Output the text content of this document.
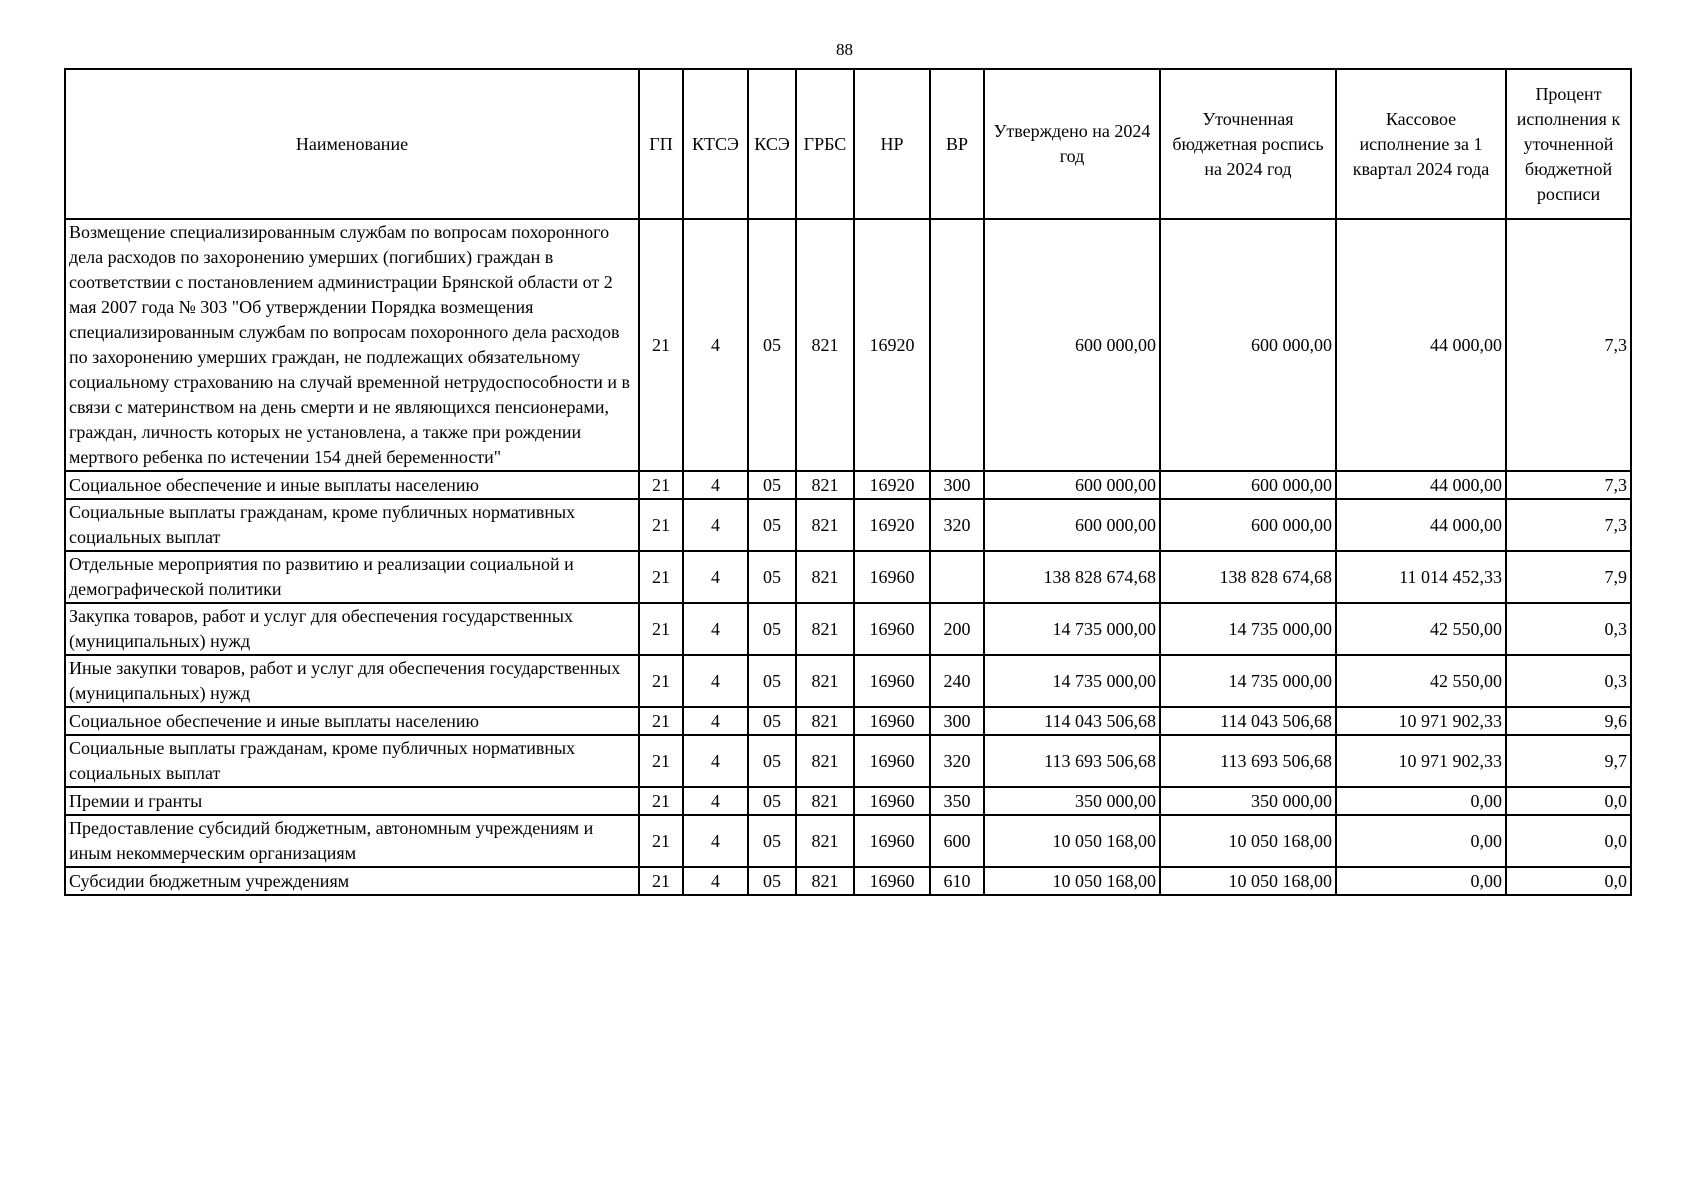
88
Наименование	ГП	КТСЭ	КСЭ	ГРБС	НР	ВР	Утверждено на 2024 год	Уточненная бюджетная роспись на 2024 год	Кассовое исполнение за 1 квартал 2024 года	Процент исполнения к уточненной бюджетной росписи
Возмещение специализированным службам по вопросам похоронного дела расходов по захоронению умерших (погибших) граждан в соответствии с постановлением администрации Брянской области от 2 мая 2007 года № 303 "Об утверждении Порядка возмещения специализированным службам по вопросам похоронного дела расходов по захоронению умерших граждан, не подлежащих обязательному социальному страхованию на случай временной нетрудоспособности и в связи с материнством на день смерти и не являющихся пенсионерами, граждан, личность которых не установлена, а также при рождении мертвого ребенка по истечении 154 дней беременности"	21	4	05	821	16920		600 000,00	600 000,00	44 000,00	7,3
Социальное обеспечение и иные выплаты населению	21	4	05	821	16920	300	600 000,00	600 000,00	44 000,00	7,3
Социальные выплаты гражданам, кроме публичных нормативных социальных выплат	21	4	05	821	16920	320	600 000,00	600 000,00	44 000,00	7,3
Отдельные мероприятия по развитию и реализации социальной и демографической политики	21	4	05	821	16960		138 828 674,68	138 828 674,68	11 014 452,33	7,9
Закупка товаров, работ и услуг для обеспечения государственных (муниципальных) нужд	21	4	05	821	16960	200	14 735 000,00	14 735 000,00	42 550,00	0,3
Иные закупки товаров, работ и услуг для обеспечения государственных (муниципальных) нужд	21	4	05	821	16960	240	14 735 000,00	14 735 000,00	42 550,00	0,3
Социальное обеспечение и иные выплаты населению	21	4	05	821	16960	300	114 043 506,68	114 043 506,68	10 971 902,33	9,6
Социальные выплаты гражданам, кроме публичных нормативных социальных выплат	21	4	05	821	16960	320	113 693 506,68	113 693 506,68	10 971 902,33	9,7
Премии и гранты	21	4	05	821	16960	350	350 000,00	350 000,00	0,00	0,0
Предоставление субсидий бюджетным, автономным учреждениям и иным некоммерческим организациям	21	4	05	821	16960	600	10 050 168,00	10 050 168,00	0,00	0,0
Субсидии бюджетным учреждениям	21	4	05	821	16960	610	10 050 168,00	10 050 168,00	0,00	0,0
